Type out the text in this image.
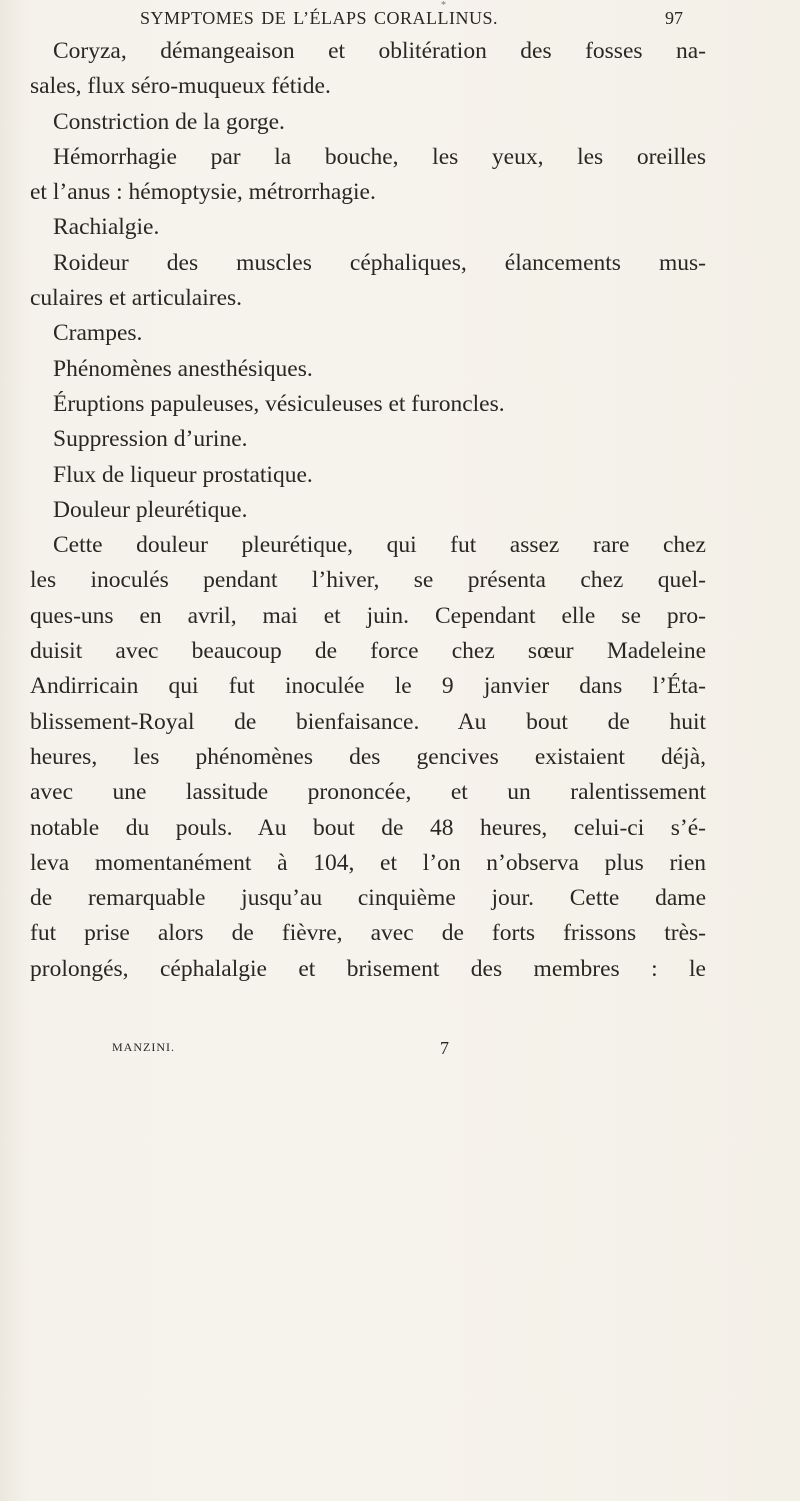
*
SYMPTOMES DE L’ÉLAPS CORALLINUS.	97
Coryza, démangeaison et oblitération des fosses na-
sales, flux séro-muqueux fétide.
Constriction de la gorge.
Hémorrhagie par la bouche, les yeux, les oreilles
et l’anus : hémoptysie, métrorrhagie.
Rachialgie.
Roideur des muscles céphaliques, élancements mus-
culaires et articulaires.
Crampes.
Phénomènes anesthésiques.
Éruptions papuleuses, vésiculeuses et furoncles.
Suppression d’urine.
Flux de liqueur prostatique.
Douleur pleurétique.
Cette douleur pleurétique, qui fut assez rare chez
les inoculés pendant l’hiver, se présenta chez quel-
ques-uns en avril, mai et juin. Cependant elle se pro-
duisit avec beaucoup de force chez sœur Madeleine
Andirricain qui fut inoculée le 9 janvier dans l’Éta-
blissement-Royal de bienfaisance. Au bout de huit
heures, les phénomènes des gencives existaient déjà,
avec une lassitude prononcée, et un ralentissement
notable du pouls. Au bout de 48 heures, celui-ci s’é-
leva momentanément à 104, et l’on n’observa plus rien
de remarquable jusqu’au cinquième jour. Cette dame
fut prise alors de fièvre, avec de forts frissons très-
prolongés, céphalalgie et brisement des membres : le
MANZINI.	7
